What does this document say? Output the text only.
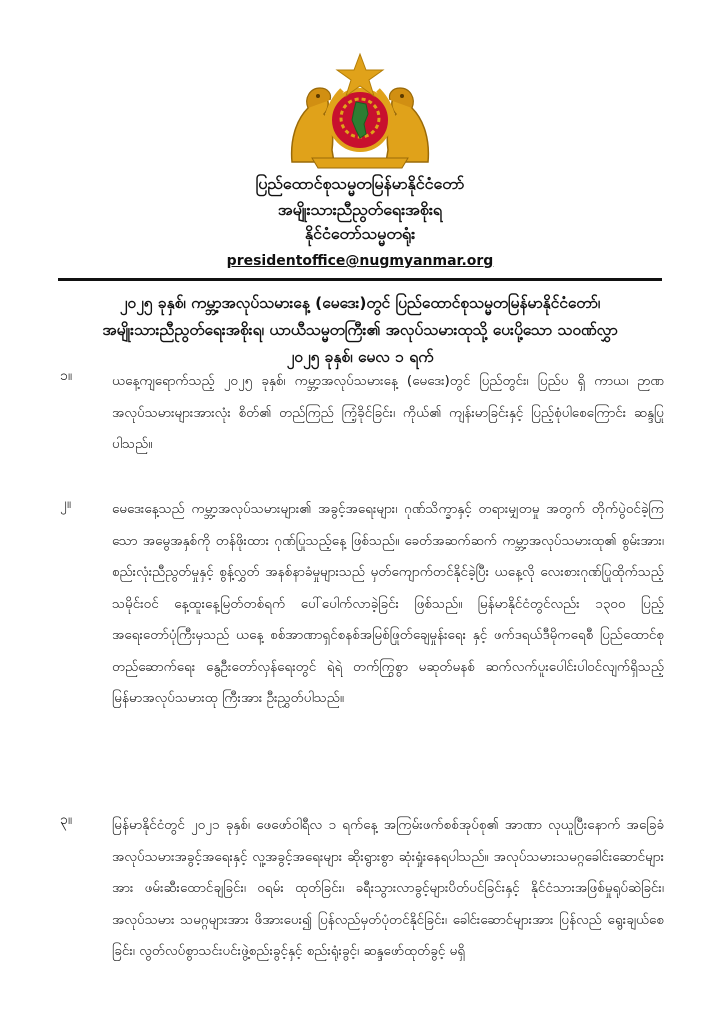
ပြည်ထောင်စုသမ္မတမြန်မာနိုင်ငံတော်
အမျိုးသားညီညွတ်ရေးအစိုးရ
နိုင်ငံတော်သမ္မတရုံး
presidentoffice@nugmyanmar.org
၂၀၂၅ ခုနှစ်၊ ကမ္ဘာ့အလုပ်သမားနေ့ (မေဒေး)တွင် ပြည်ထောင်စုသမ္မတမြန်မာနိုင်ငံတော်၊
အမျိုးသားညီညွတ်ရေးအစိုးရ၊ ယာယီသမ္မတကြီး၏ အလုပ်သမားထုသို့ ပေးပို့သော သဝဏ်လွှာ
၂၀၂၅ ခုနှစ်၊ မေလ ၁ ရက်
၁။	ယနေ့ကျရောက်သည့် ၂၀၂၅ ခုနှစ်၊ ကမ္ဘာ့အလုပ်သမားနေ့ (မေဒေး)တွင် ပြည်တွင်း၊ ပြည်ပ ရှိ ကာယ၊ ဉာဏ အလုပ်သမားများအားလုံး စိတ်၏ တည်ကြည် ကြံ့ခိုင်ခြင်း၊ ကိုယ်၏ ကျန်းမာခြင်းနှင့် ပြည့်စုံပါစေကြောင်း ဆန္ဒပြုပါသည်။
၂။	မေဒေးနေ့သည် ကမ္ဘာ့အလုပ်သမားများ၏ အခွင့်အရေးများ၊ ဂုဏ်သိက္ခာနှင့် တရားမျှတမှု အတွက် တိုက်ပွဲဝင်ခဲ့ကြသော အမွေအနှစ်ကို တန်ဖိုးထား ဂုဏ်ပြုသည့်နေ့ ဖြစ်သည်။ ခေတ်အဆက်ဆက် ကမ္ဘာ့အလုပ်သမားထု၏ စွမ်းအား၊ စည်းလုံးညီညွတ်မှုနှင့် စွန့်လွှတ် အနစ်နာခံမှုများသည် မှတ်ကျောက်တင်နိုင်ခဲ့ပြီး ယနေ့လို လေးစားဂုဏ်ပြုထိုက်သည့် သမိုင်းဝင် နေ့ထူးနေ့မြတ်တစ်ရက် ပေါ်ပေါက်လာခဲ့ခြင်း ဖြစ်သည်။ မြန်မာနိုင်ငံတွင်လည်း ၁၃၀၀ ပြည့် အရေးတော်ပုံကြီးမှသည် ယနေ့ စစ်အာဏာရှင်စနစ်အမြစ်ဖြုတ်ချေမှုန်းရေး နှင့် ဖက်ဒရယ်ဒီမိုကရေစီ ပြည်ထောင်စု တည်ဆောက်ရေး နွေဦးတော်လှန်ရေးတွင် ရဲရဲ တက်ကြွစွာ မဆုတ်မနစ် ဆက်လက်ပူးပေါင်းပါဝင်လျက်ရှိသည့် မြန်မာအလုပ်သမားထု ကြီးအား ဦးညွှတ်ပါသည်။
၃။	မြန်မာနိုင်ငံတွင် ၂၀၂၁ ခုနှစ်၊ ဖေဖော်ဝါရီလ ၁ ရက်နေ့ အကြမ်းဖက်စစ်အုပ်စု၏ အာဏာ လုယူပြီးနောက် အခြေခံအလုပ်သမားအခွင့်အရေးနှင့် လူ့အခွင့်အရေးများ ဆိုးရွားစွာ ဆုံးရှုံးနေရပါသည်။ အလုပ်သမားသမဂ္ဂခေါင်းဆောင်များအား ဖမ်းဆီးထောင်ချခြင်း၊ ဝရမ်း ထုတ်ခြင်း၊ ခရီးသွားလာခွင့်များပိတ်ပင်ခြင်းနှင့် နိုင်ငံသားအဖြစ်မှုရုပ်ဆဲခြင်း၊ အလုပ်သမား သမဂ္ဂများအား ဖိအားပေး၍ ပြန်လည်မှတ်ပုံတင်နိုင်ခြင်း၊ ခေါင်းဆောင်များအား ပြန်လည် ရွေးချယ်စေခြင်း၊ လွတ်လပ်စွာသင်းပင်းဖွဲ့စည်းခွင့်နှင့် စည်းရုံးခွင့်၊ ဆန္ဒဖော်ထုတ်ခွင့် မရှိ
